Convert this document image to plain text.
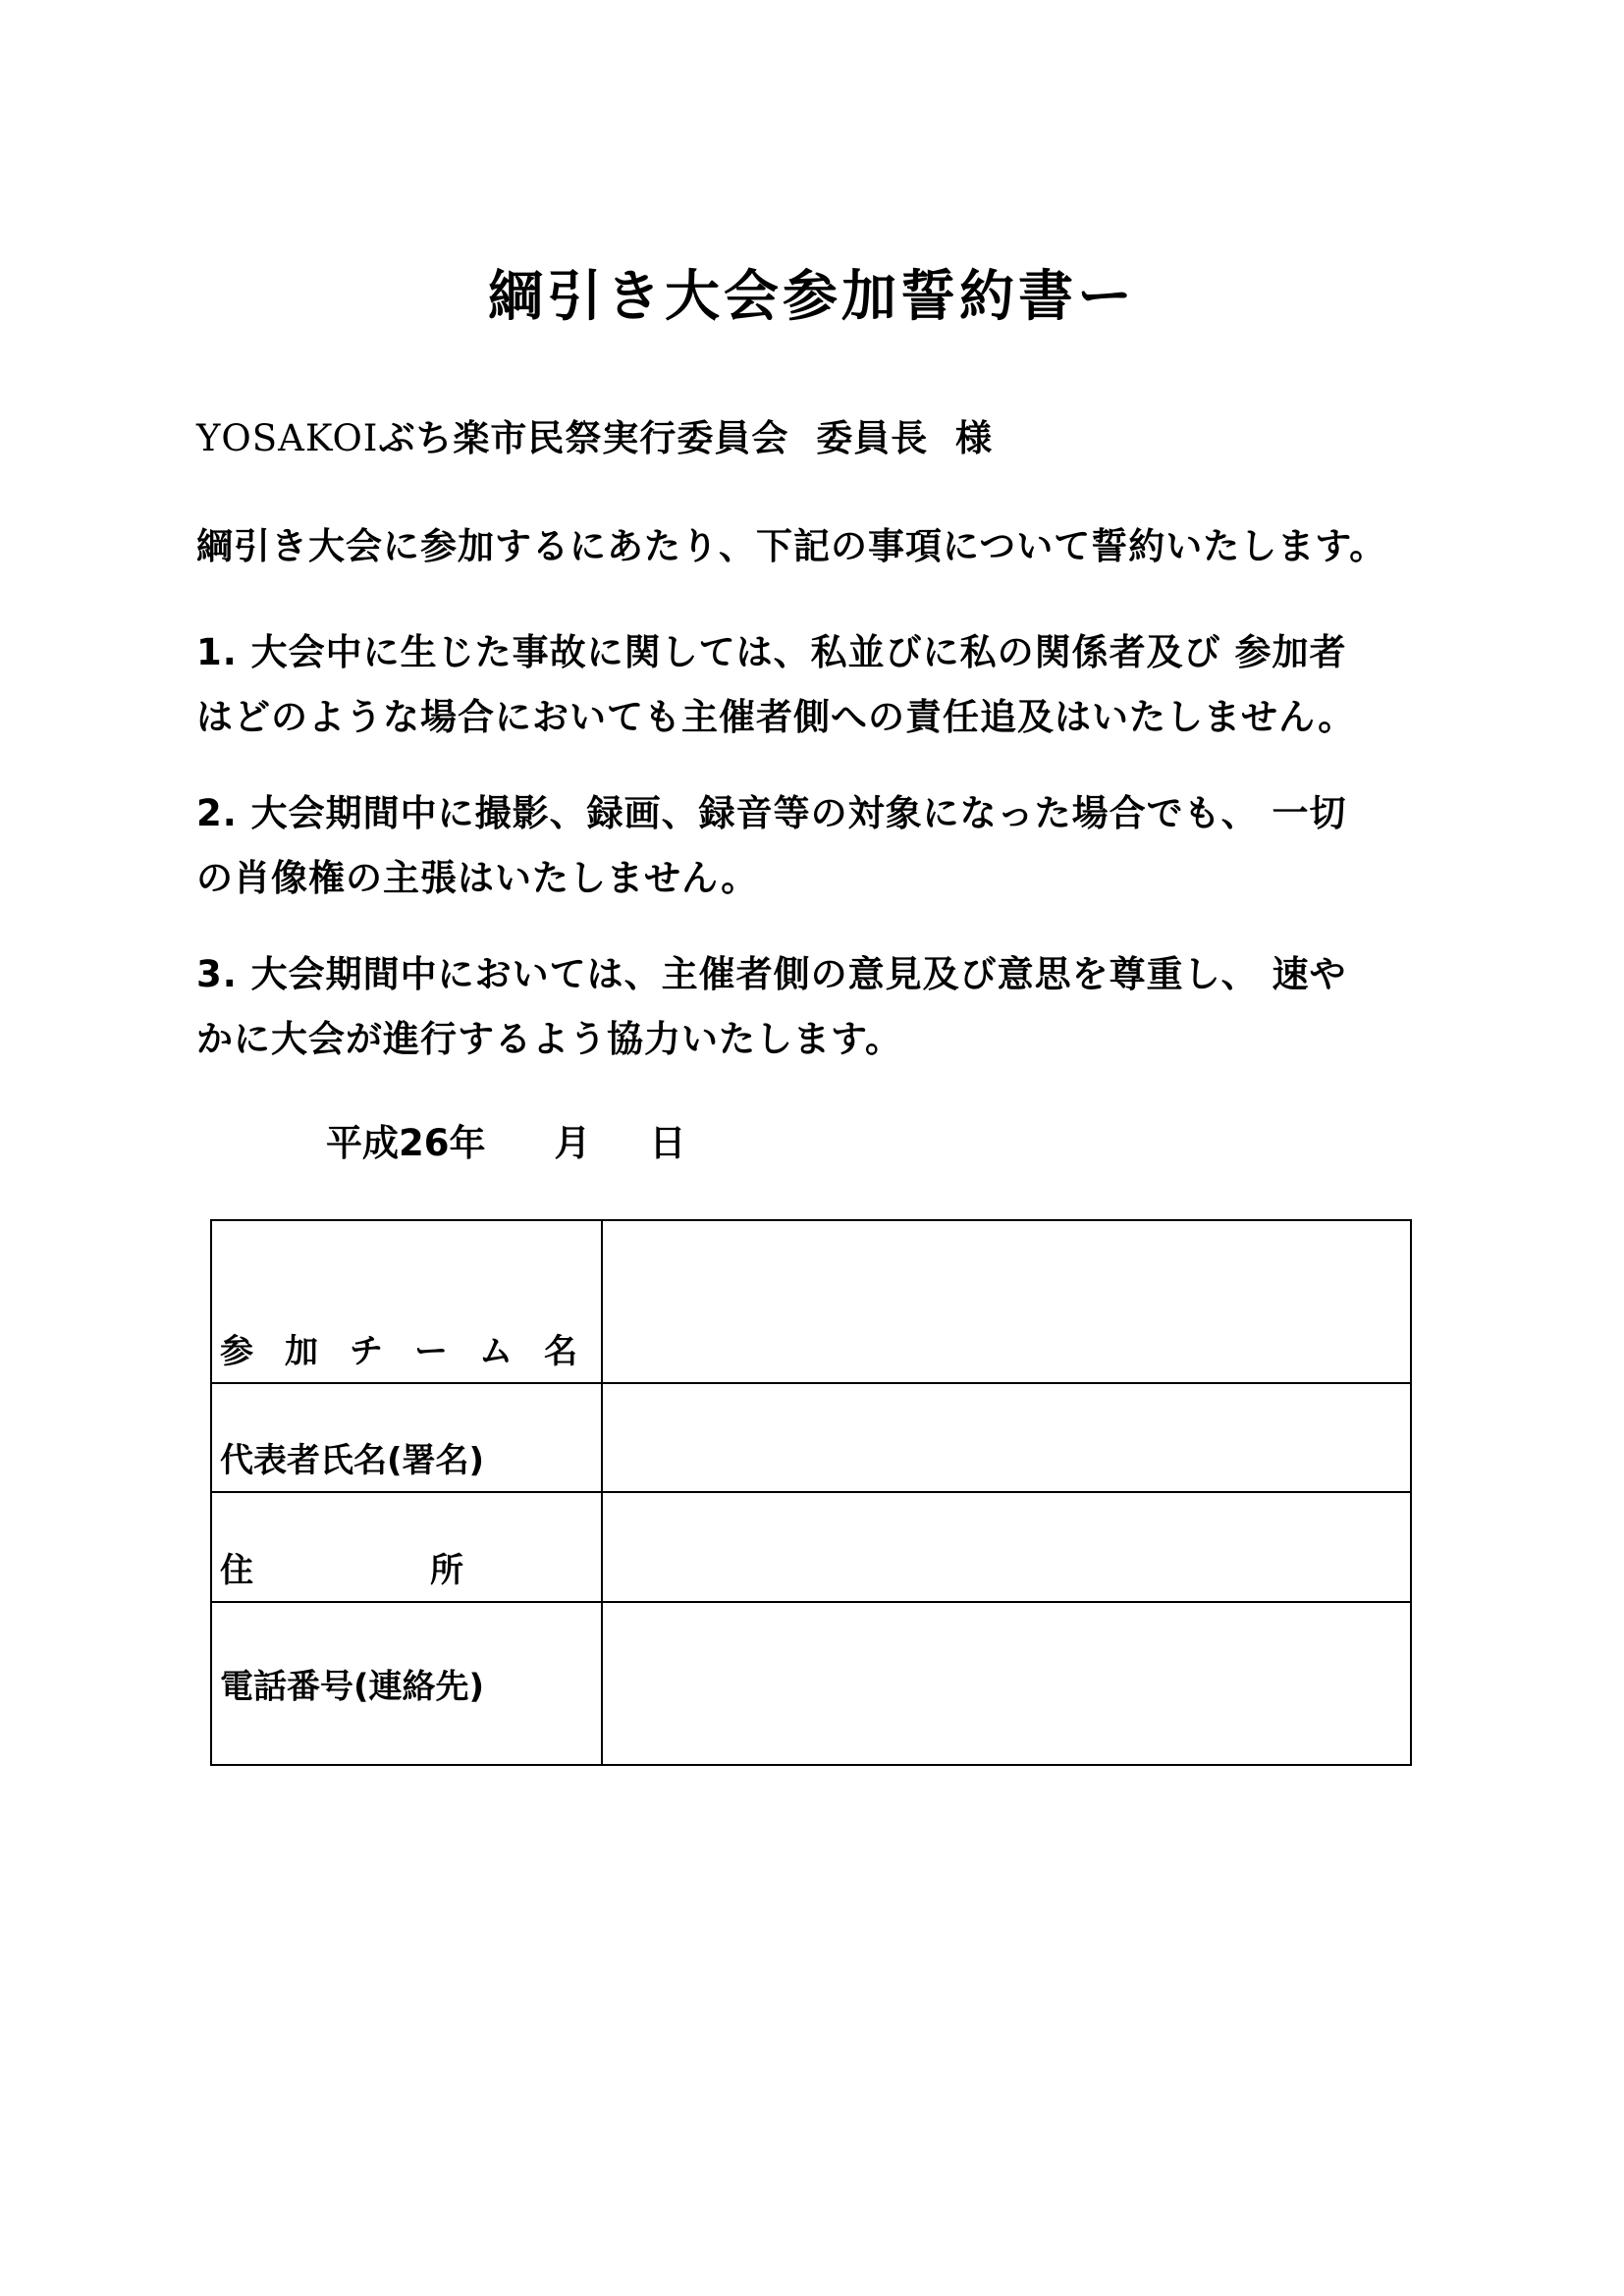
綱引き大会参加誓約書ー
YOSAKOIぶち楽市民祭実行委員会 委員長 様
綱引き大会に参加するにあたり、下記の事項について誓約いたします。
1. 大会中に生じた事故に関しては、私並びに私の関係者及び 参加者
はどのような場合においても主催者側への責任追及はいたしません。
2. 大会期間中に撮影、録画、録音等の対象になった場合でも、 一切
の肖像権の主張はいたしません。
3. 大会期間中においては、主催者側の意見及び意思を尊重し、 速や
かに大会が進行するよう協力いたします。
平成26年 月 日
参加チーム名	

代表者氏名(署名)	

住 所	

電話番号(連絡先)	
